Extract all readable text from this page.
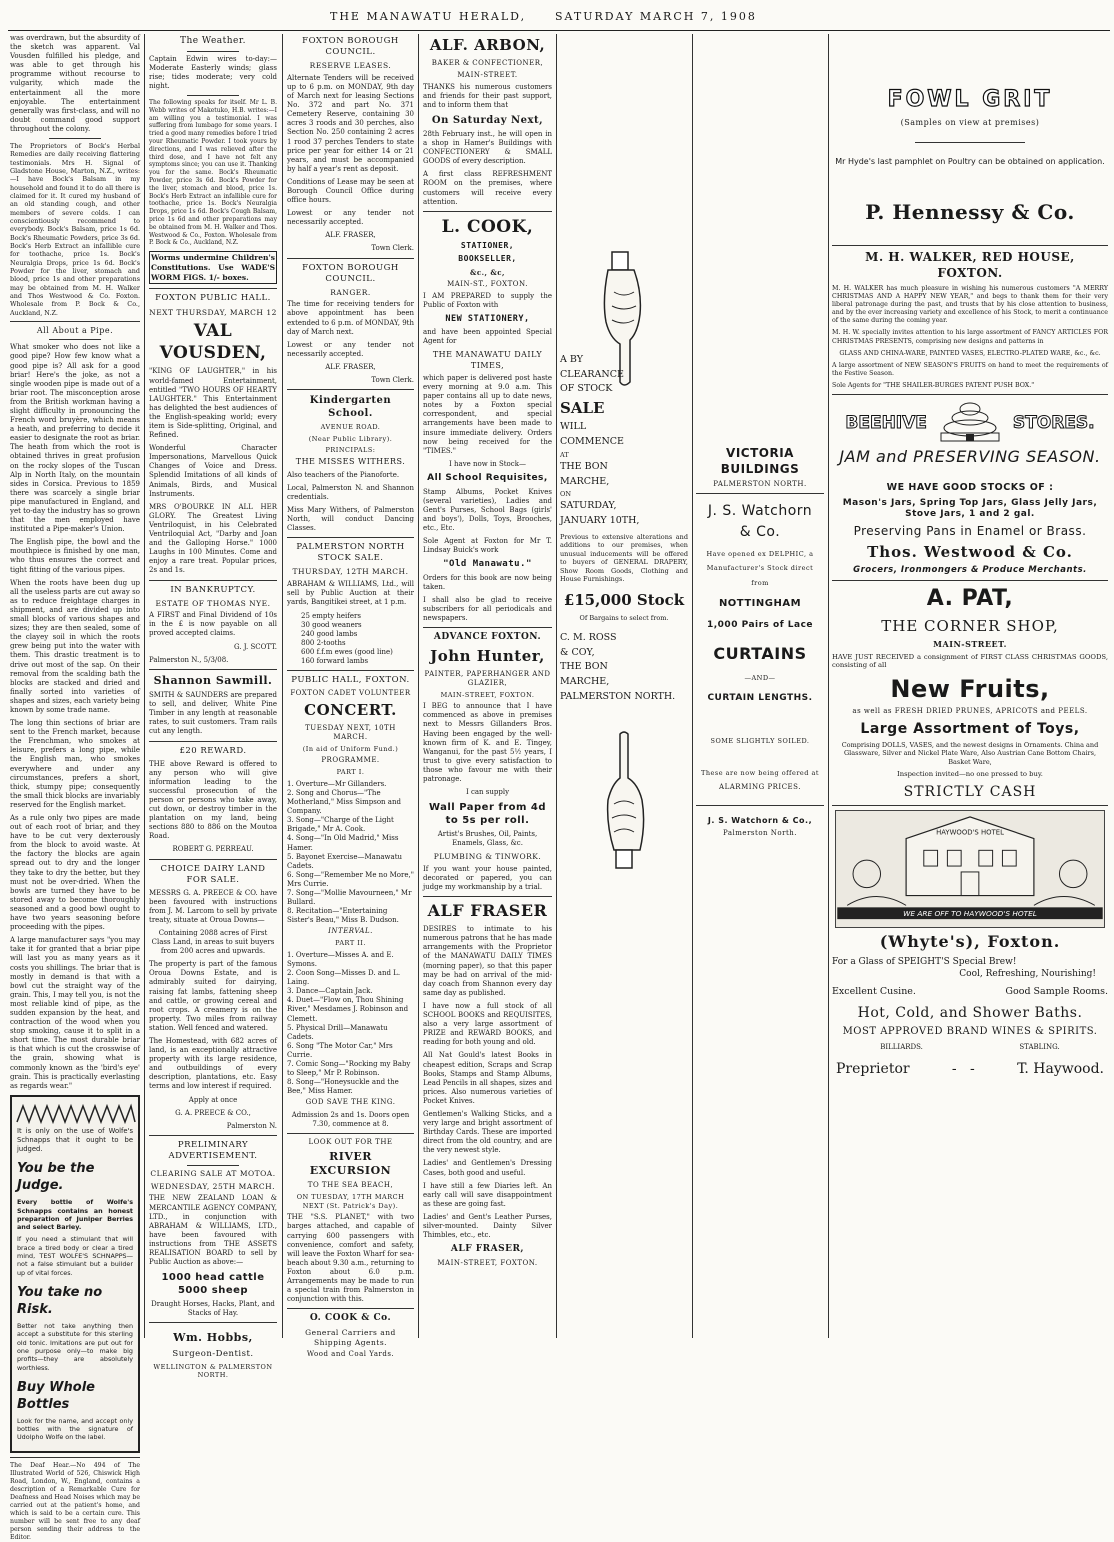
THE MANAWATU HERALD,	SATURDAY MARCH 7, 1908

was overdrawn, but the absurdity of the sketch was apparent. Val Vousden fulfilled his pledge, and was able to get through his programme without recourse to vulgarity, which made the entertainment all the more enjoyable. The entertainment generally was first-class, and will no doubt command good support throughout the colony.

The Proprietors of Bock's Herbal Remedies are daily receiving flattering testimonials. Mrs H. Signal of Gladstone House, Marton, N.Z., writes:—I have Bock's Balsam in my household and found it to do all there is claimed for it. It cured my husband of an old standing cough, and other members of severe colds. I can conscientiously recommend to everybody. Bock's Balsam, price 1s 6d. Bock's Rheumatic Powders, price 3s 6d. Bock's Herb Extract an infallible cure for toothache, price 1s. Bock's Neuralgia Drops, price 1s 6d. Bock's Powder for the liver, stomach and blood, price 1s and other preparations may be obtained from M. H. Walker and Thos Westwood & Co. Foxton. Wholesale from P. Bock & Co., Auckland, N.Z.

All About a Pipe.

What smoker who does not like a good pipe? How few know what a good pipe is? All ask for a good briar! Here's the joke, as not a single wooden pipe is made out of a briar root. The misconception arose from the British workman having a slight difficulty in pronouncing the French word bruyère, which means a heath, and preferring to decide it easier to designate the root as briar. The heath from which the root is obtained thrives in great profusion on the rocky slopes of the Tuscan Alp in North Italy, on the mountain sides in Corsica. Previous to 1859 there was scarcely a single briar pipe manufactured in England, and yet to-day the industry has so grown that the men employed have instituted a Pipe-maker's Union.

The English pipe, the bowl and the mouthpiece is finished by one man, who thus ensures the correct and tight fitting of the various pipes.

When the roots have been dug up all the useless parts are cut away so as to reduce freightage charges in shipment, and are divided up into small blocks of various shapes and sizes; they are then sealed, some of the clayey soil in which the roots grew being put into the water with them. This drastic treatment is to drive out most of the sap. On their removal from the scalding bath the blocks are stacked and dried and finally sorted into varieties of shapes and sizes, each variety being known by some trade name.

The long thin sections of briar are sent to the French market, because the Frenchman, who smokes at leisure, prefers a long pipe, while the English man, who smokes everywhere and under any circumstances, prefers a short, thick, stumpy pipe; consequently the small thick blocks are invariably reserved for the English market.

As a rule only two pipes are made out of each root of briar, and they have to be cut very dexterously from the block to avoid waste. At the factory the blocks are again spread out to dry and the longer they take to dry the better, but they must not be over-dried. When the bowls are turned they have to be stored away to become thoroughly seasoned and a good bowl ought to have two years seasoning before proceeding with the pipes.

A large manufacturer says "you may take it for granted that a briar pipe will last you as many years as it costs you shillings. The briar that is mostly in demand is that with a bowl cut the straight way of the grain. This, I may tell you, is not the most reliable kind of pipe, as the sudden expansion by the heat, and contraction of the wood when you stop smoking, cause it to split in a short time. The most durable briar is that which is cut the crosswise of the grain, showing what is commonly known as the 'bird's eye' grain. This is practically everlasting as regards wear."

It is only on the use of Wolfe's Schnapps that it ought to be judged.

You be the Judge.

Every bottle of Wolfe's Schnapps contains an honest preparation of Juniper Berries and select Barley.

If you need a stimulant that will brace a tired body or clear a tired mind, TEST WOLFE'S SCHNAPPS—not a false stimulant but a builder up of vital forces.

You take no Risk.

Better not take anything then accept a substitute for this sterling old tonic. Imitations are put out for one purpose only—to make big profits—they are absolutely worthless.

Buy Whole Bottles

Look for the name, and accept only bottles with the signature of Udolpho Wolfe on the label.

The Deaf Hear.—No 494 of The Illustrated World of 526, Chiswick High Road, London, W., England, contains a description of a Remarkable Cure for Deafness and Head Noises which may be carried out at the patient's home, and which is said to be a certain cure. This number will be sent free to any deaf person sending their address to the Editor.

The Weather.

Captain Edwin wires to-day:—Moderate Easterly winds; glass rise; tides moderate; very cold night.

The following speaks for itself. Mr L. B. Webb writes of Maketuko, H.B. writes:—I am willing you a testimonial. I was suffering from lumbago for some years. I tried a good many remedies before I tried your Rheumatic Powder. I took yours by directions, and I was relieved after the third dose, and I have not felt any symptoms since; you can use it. Thanking you for the same. Bock's Rheumatic Powder, price 3s 6d. Bock's Powder for the liver, stomach and blood, price 1s. Bock's Herb Extract an infallible cure for toothache, price 1s. Bock's Neuralgia Drops, price 1s 6d. Bock's Cough Balsam, price 1s 6d and other preparations may be obtained from M. H. Walker and Thos. Westwood & Co., Foxton. Wholesale from P. Bock & Co., Auckland, N.Z.

Worms undermine Children's Constitutions. Use WADE'S WORM FIGS. 1/- boxes.

FOXTON PUBLIC HALL.
NEXT THURSDAY, MARCH 12
VAL VOUSDEN,

"KING OF LAUGHTER," in his world-famed Entertainment, entitled "TWO HOURS OF HEARTY LAUGHTER." This Entertainment has delighted the best audiences of the English-speaking world; every item is Side-splitting, Original, and Refined.

Wonderful Character Impersonations, Marvellous Quick Changes of Voice and Dress. Splendid Imitations of all kinds of Animals, Birds, and Musical Instruments.

MRS O'BOURKE IN ALL HER GLORY. The Greatest Living Ventriloquist, in his Celebrated Ventriloquial Act, "Darby and Joan and the Galloping Horse." 1000 Laughs in 100 Minutes. Come and enjoy a rare treat. Popular prices, 2s and 1s.

IN BANKRUPTCY.
ESTATE OF THOMAS NYE.

A FIRST and Final Dividend of 10s in the £ is now payable on all proved accepted claims.

G. J. SCOTT.

Palmerston N., 5/3/08.

Shannon Sawmill.

SMITH & SAUNDERS are prepared to sell, and deliver, White Pine Timber in any length at reasonable rates, to suit customers. Tram rails cut any length.

£20 REWARD.

THE above Reward is offered to any person who will give information leading to the successful prosecution of the person or persons who take away, cut down, or destroy timber in the plantation on my land, being sections 880 to 886 on the Moutoa Road.

ROBERT G. PERREAU.

CHOICE DAIRY LAND FOR SALE.

MESSRS G. A. PREECE & CO. have been favoured with instructions from J. M. Larcom to sell by private treaty, situate at Oroua Downs—

Containing 2088 acres of First Class Land, in areas to suit buyers from 200 acres and upwards.

The property is part of the famous Oroua Downs Estate, and is admirably suited for dairying, raising fat lambs, fattening sheep and cattle, or growing cereal and root crops. A creamery is on the property. Two miles from railway station. Well fenced and watered.

The Homestead, with 682 acres of land, is an exceptionally attractive property with its large residence, and outbuildings of every description, plantations, etc. Easy terms and low interest if required.

Apply at once

G. A. PREECE & CO.,

Palmerston N.

PRELIMINARY ADVERTISEMENT.
CLEARING SALE AT MOTOA.
WEDNESDAY, 25TH MARCH.

THE NEW ZEALAND LOAN & MERCANTILE AGENCY COMPANY, LTD., in conjunction with ABRAHAM & WILLIAMS, LTD., have been favoured with instructions from THE ASSETS REALISATION BOARD to sell by Public Auction as above:—

1000 head cattle
5000 sheep

Draught Horses, Hacks, Plant, and Stacks of Hay.

Wm. Hobbs,
Surgeon-Dentist.
WELLINGTON & PALMERSTON NORTH.
FOXTON BOROUGH COUNCIL.
RESERVE LEASES.

Alternate Tenders will be received up to 6 p.m. on MONDAY, 9th day of March next for leasing Sections No. 372 and part No. 371 Cemetery Reserve, containing 30 acres 3 roods and 30 perches, also Section No. 250 containing 2 acres 1 rood 37 perches Tenders to state price per year for either 14 or 21 years, and must be accompanied by half a year's rent as deposit.

Conditions of Lease may be seen at Borough Council Office during office hours.

Lowest or any tender not necessarily accepted.

ALF. FRASER,

Town Clerk.

FOXTON BOROUGH COUNCIL.
RANGER.

The time for receiving tenders for above appointment has been extended to 6 p.m. of MONDAY, 9th day of March next.

Lowest or any tender not necessarily accepted.

ALF. FRASER,

Town Clerk.

Kindergarten School.
AVENUE ROAD.
(Near Public Library).
PRINCIPALS:
THE MISSES WITHERS.

Also teachers of the Pianoforte.

Local, Palmerston N. and Shannon credentials.

Miss Mary Withers, of Palmerston North, will conduct Dancing Classes.

PALMERSTON NORTH STOCK SALE.
THURSDAY, 12TH MARCH.

ABRAHAM & WILLIAMS, Ltd., will sell by Public Auction at their yards, Bangitikei street, at 1 p.m.

25 empty heifers
30 good weaners
240 good lambs
800 2-tooths
600 f.f.m ewes (good line)
160 forward lambs
PUBLIC HALL, FOXTON.
FOXTON CADET VOLUNTEER
CONCERT.
TUESDAY NEXT, 10TH MARCH.
(In aid of Uniform Fund.)
PROGRAMME.
PART I.
1. Overture—Mr Gillanders.
2. Song and Chorus—"The Motherland," Miss Simpson and Company.
3. Song—"Charge of the Light Brigade," Mr A. Cook.
4. Song—"In Old Madrid," Miss Hamer.
5. Bayonet Exercise—Manawatu Cadets.
6. Song—"Remember Me no More," Mrs Currie.
7. Song—"Mollie Mavourneen," Mr Bullard.
8. Recitation—"Entertaining Sister's Beau," Miss B. Dudson.
INTERVAL.
PART II.
1. Overture—Misses A. and E. Symons.
2. Coon Song—Misses D. and L. Laing.
3. Dance—Captain Jack.
4. Duet—"Flow on, Thou Shining River," Mesdames J. Robinson and Clemett.
5. Physical Drill—Manawatu Cadets.
6. Song "The Motor Car," Mrs Currie.
7. Comic Song—"Rocking my Baby to Sleep," Mr P. Robinson.
8. Song—"Honeysuckle and the Bee," Miss Hamer.
GOD SAVE THE KING.

Admission 2s and 1s. Doors open 7.30, commence at 8.

LOOK OUT FOR THE
RIVER EXCURSION
TO THE SEA BEACH,
ON TUESDAY, 17TH MARCH NEXT (St. Patrick's Day).

THE "S.S. PLANET," with two barges attached, and capable of carrying 600 passengers with convenience, comfort and safety, will leave the Foxton Wharf for sea-beach about 9.30 a.m., returning to Foxton about 6.0 p.m. Arrangements may be made to run a special train from Palmerston in conjunction with this.

O. COOK & Co.
General Carriers and Shipping Agents.
Wood and Coal Yards.
ALF. ARBON,
BAKER & CONFECTIONER,
MAIN-STREET.

THANKS his numerous customers and friends for their past support, and to inform them that

On Saturday Next,

28th February inst., he will open in a shop in Hamer's Buildings with CONFECTIONERY & SMALL GOODS of every description.

A first class REFRESHMENT ROOM on the premises, where customers will receive every attention.

L. COOK,
STATIONER,
BOOKSELLER,
&c., &c,
MAIN-ST., FOXTON.

I AM PREPARED to supply the Public of Foxton with

NEW STATIONERY,

and have been appointed Special Agent for

THE MANAWATU DAILY TIMES,

which paper is delivered post haste every morning at 9.0 a.m. This paper contains all up to date news, notes by a Foxton special correspondent, and special arrangements have been made to insure immediate delivery. Orders now being received for the "TIMES."

I have now in Stock—

All School Requisites,

Stamp Albums, Pocket Knives (several varieties), Ladies and Gent's Purses, School Bags (girls' and boys'), Dolls, Toys, Brooches, etc., Etc.

Sole Agent at Foxton for Mr T. Lindsay Buick's work

"Old Manawatu."

Orders for this book are now being taken.

I shall also be glad to receive subscribers for all periodicals and newspapers.

ADVANCE FOXTON.
John Hunter,
PAINTER, PAPERHANGER AND GLAZIER,
MAIN-STREET, FOXTON.

I BEG to announce that I have commenced as above in premises next to Messrs Gillanders Bros. Having been engaged by the well-known firm of K. and E. Tingey, Wanganui, for the past 5½ years, I trust to give every satisfaction to those who favour me with their patronage.

I can supply

Wall Paper from 4d to 5s per roll.

Artist's Brushes, Oil, Paints, Enamels, Glass, &c.

PLUMBING & TINWORK.

If you want your house painted, decorated or papered, you can judge my workmanship by a trial.

ALF FRASER

DESIRES to intimate to his numerous patrons that he has made arrangements with the Proprietor of the MANAWATU DAILY TIMES (morning paper), so that this paper may be had on arrival of the mid-day coach from Shannon every day same day as published.

I have now a full stock of all SCHOOL BOOKS and REQUISITES, also a very large assortment of PRIZE and REWARD BOOKS, and reading for both young and old.

All Nat Gould's latest Books in cheapest edition, Scraps and Scrap Books, Stamps and Stamp Albums, Lead Pencils in all shapes, sizes and prices. Also numerous varieties of Pocket Knives.

Gentlemen's Walking Sticks, and a very large and bright assortment of Birthday Cards. These are imported direct from the old country, and are the very newest style.

Ladies' and Gentlemen's Dressing Cases, both good and useful.

I have still a few Diaries left. An early call will save disappointment as these are going fast.

Ladies' and Gent's Leather Purses, silver-mounted. Dainty Silver Thimbles, etc., etc.

ALF FRASER,
MAIN-STREET, FOXTON.
A BY
CLEARANCE
OF STOCK
SALE
WILL
COMMENCE
AT
THE BON
MARCHE,
ON
SATURDAY,
JANUARY 10TH,

Previous to extensive alterations and additions to our premises, when unusual inducements will be offered to buyers of GENERAL DRAPERY, Show Room Goods, Clothing and House Furnishings.

£15,000 Stock
Of Bargains to select from.
C. M. ROSS
& COY,
THE BON
MARCHE,
PALMERSTON NORTH.
VICTORIA BUILDINGS
PALMERSTON NORTH.
J. S. Watchorn
& Co.
Have opened ex DELPHIC, a
Manufacturer's Stock direct
from
NOTTINGHAM
1,000 Pairs of Lace
CURTAINS
—AND—
CURTAIN LENGTHS.
SOME SLIGHTLY SOILED.
These are now being offered at
ALARMING PRICES.
J. S. Watchorn & Co.,
Palmerston North.
FOWL GRIT
(Samples on view at premises)

Mr Hyde's last pamphlet on Poultry can be obtained on application.

P. Hennessy & Co.
M. H. WALKER, RED HOUSE, FOXTON.

M. H. WALKER has much pleasure in wishing his numerous customers "A MERRY CHRISTMAS AND A HAPPY NEW YEAR," and begs to thank them for their very liberal patronage during the past, and trusts that by his close attention to business, and by the ever increasing variety and excellence of his Stock, to merit a continuance of the same during the coming year.

M. H. W. specially invites attention to his large assortment of FANCY ARTICLES FOR CHRISTMAS PRESENTS, comprising new designs and patterns in

GLASS AND CHINA-WARE, PAINTED VASES, ELECTRO-PLATED WARE, &c., &c.

A large assortment of NEW SEASON'S FRUITS on hand to meet the requirements of the Festive Season.

Sole Agents for "THE SHAILER-BURGES PATENT PUSH BOX."

BEEHIVE	STORES.
JAM and PRESERVING SEASON.
WE HAVE GOOD STOCKS OF :
Mason's Jars, Spring Top Jars, Glass Jelly Jars, Stove Jars, 1 and 2 gal.
Preserving Pans in Enamel or Brass.
Thos. Westwood & Co.
Grocers, Ironmongers & Produce Merchants.
A. PAT,
THE CORNER SHOP,
MAIN-STREET.

HAVE JUST RECEIVED a consignment of FIRST CLASS CHRISTMAS GOODS, consisting of all

New Fruits,
as well as FRESH DRIED PRUNES, APRICOTS and PEELS.
Large Assortment of Toys,

Comprising DOLLS, VASES, and the newest designs in Ornaments. China and Glassware, Silver and Nickel Plate Ware, Also Austrian Cane Bottom Chairs, Basket Ware,

Inspection invited—no one pressed to buy.

STRICTLY CASH
HAYWOOD'S HOTEL
WE ARE OFF TO HAYWOOD'S HOTEL
(Whyte's), Foxton.
For a Glass of SPEIGHT'S Special Brew!
Cool, Refreshing, Nourishing!
Excellent Cusine.	Good Sample Rooms.
Hot, Cold, and Shower Baths.
MOST APPROVED BRAND WINES & SPIRITS.
BILLIARDS.	STABLING.
Preprietor	-   -	T. Haywood.
